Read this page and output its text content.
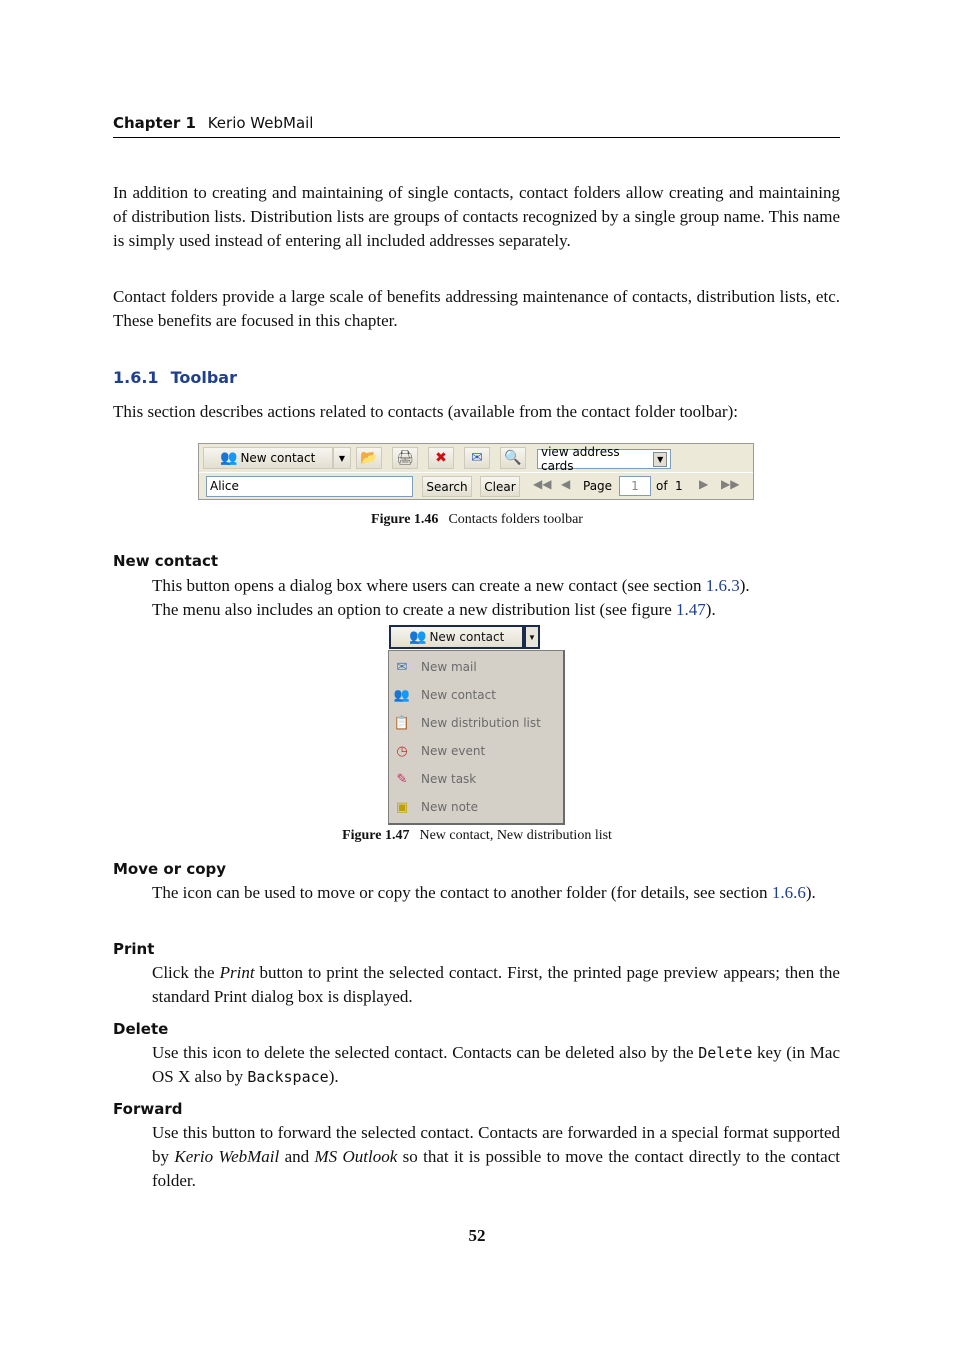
Chapter 1 Kerio WebMail

In addition to creating and maintaining of single contacts, contact folders allow creating and maintaining of distribution lists. Distribution lists are groups of contacts recognized by a single group name. This name is simply used instead of entering all included addresses separately.

Contact folders provide a large scale of benefits addressing maintenance of contacts, distribution lists, etc. These benefits are focused in this chapter.

1.6.1 Toolbar

This section describes actions related to contacts (available from the contact folder toolbar):

👥 New contact	▼ 📂 🖨 ✖ ✉ 🔍 view address cards	▼
Alice	Search	Clear	◀◀ ◀ Page	1	of 1 ▶ ▶▶
Figure 1.46 Contacts folders toolbar
New contact

This button opens a dialog box where users can create a new contact (see section 1.6.3).
The menu also includes an option to create a new distribution list (see figure 1.47).

👥 New contact	▼
✉ New mail
👥 New contact
📋 New distribution list
◷ New event
✎ New task
▣ New note
Figure 1.47 New contact, New distribution list
Move or copy

The icon can be used to move or copy the contact to another folder (for details, see section 1.6.6).

Print

Click the Print button to print the selected contact. First, the printed page preview appears; then the standard Print dialog box is displayed.

Delete

Use this icon to delete the selected contact. Contacts can be deleted also by the Delete key (in Mac OS X also by Backspace).

Forward

Use this button to forward the selected contact. Contacts are forwarded in a special format supported by Kerio WebMail and MS Outlook so that it is possible to move the contact directly to the contact folder.

52
